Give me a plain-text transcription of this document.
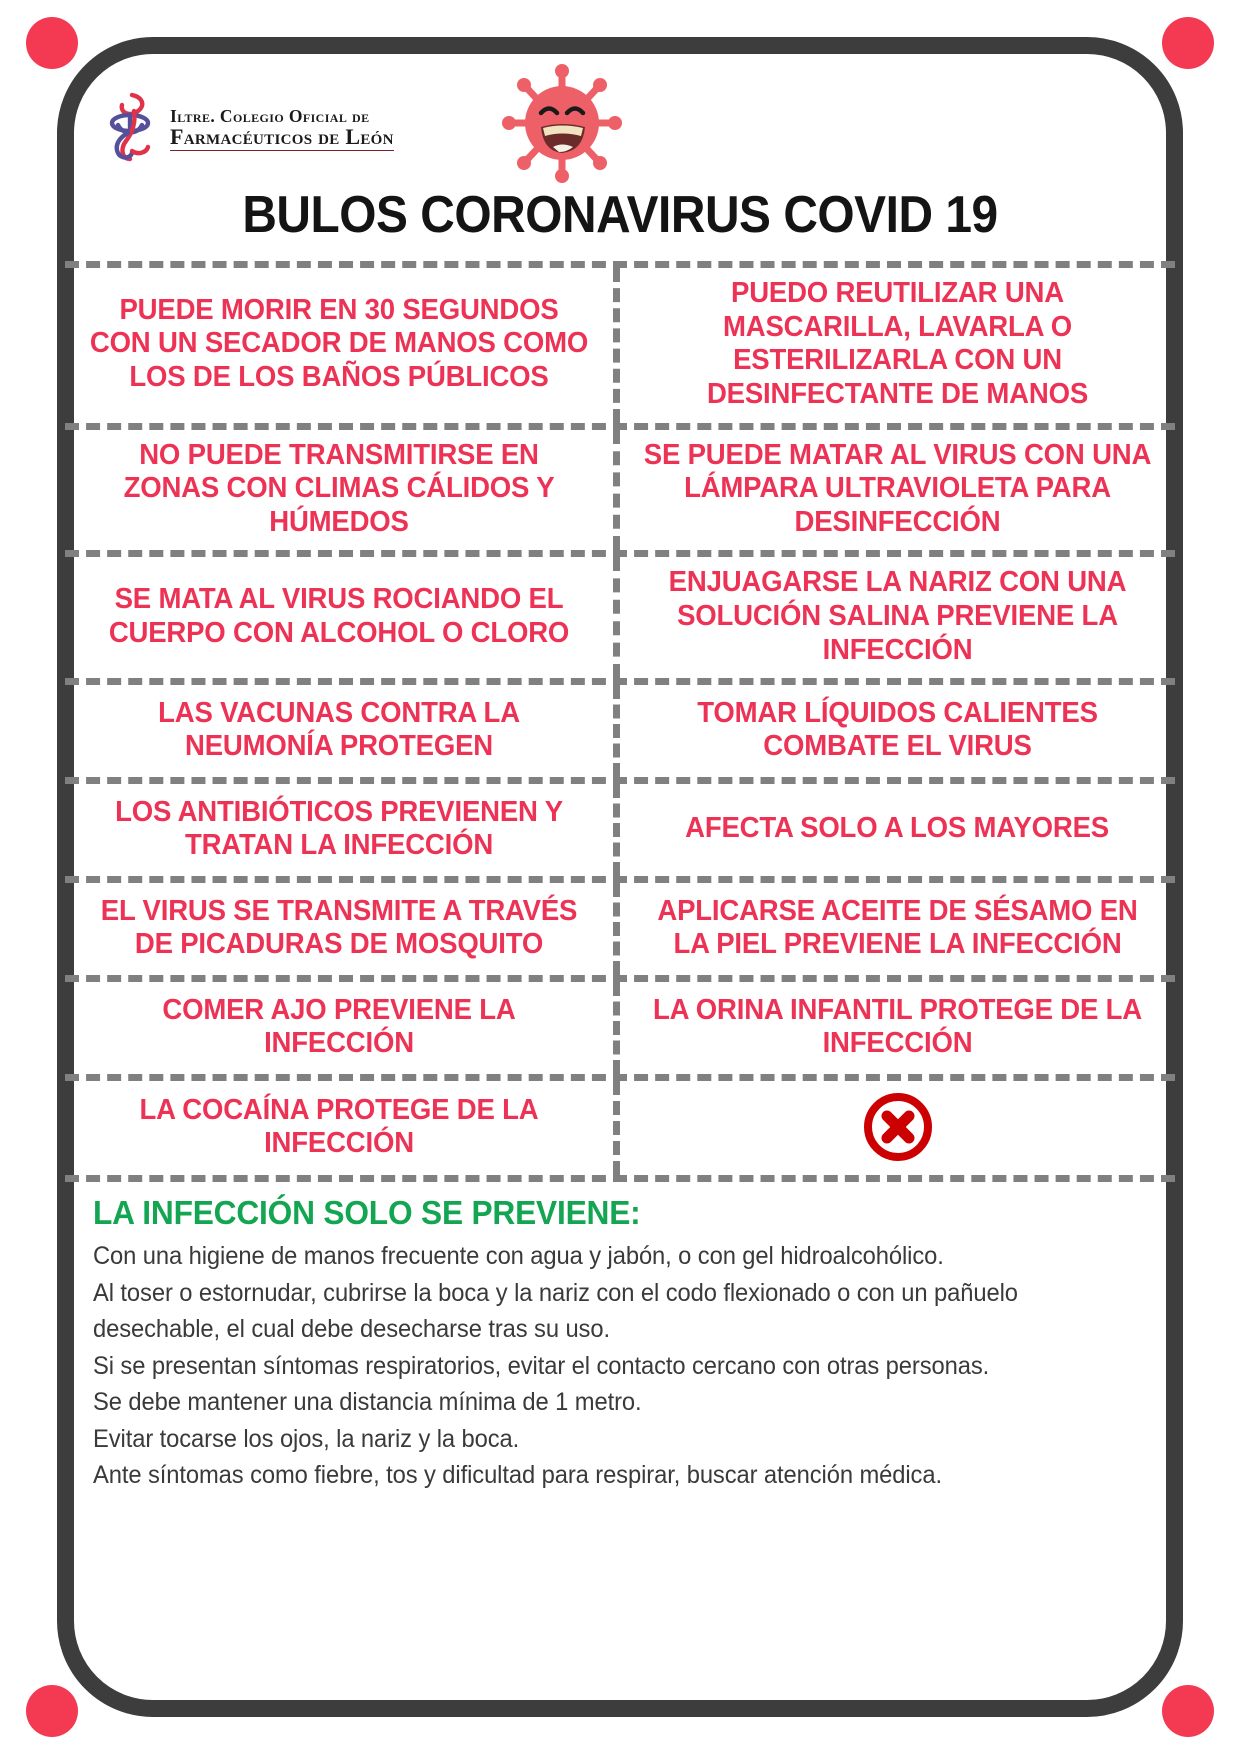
Iltre. Colegio Oficial de
Farmacéuticos de León
BULOS CORONAVIRUS COVID 19
PUEDE MORIR EN 30 SEGUNDOS CON UN SECADOR DE MANOS COMO LOS DE LOS BAÑOS PÚBLICOS
PUEDO REUTILIZAR UNA MASCARILLA, LAVARLA O ESTERILIZARLA CON UN DESINFECTANTE DE MANOS
NO PUEDE TRANSMITIRSE EN ZONAS CON CLIMAS CÁLIDOS Y HÚMEDOS
SE PUEDE MATAR AL VIRUS CON UNA LÁMPARA ULTRAVIOLETA PARA DESINFECCIÓN
SE MATA AL VIRUS ROCIANDO EL CUERPO CON ALCOHOL O CLORO
ENJUAGARSE LA NARIZ CON UNA SOLUCIÓN SALINA PREVIENE LA INFECCIÓN
LAS VACUNAS CONTRA LA NEUMONÍA PROTEGEN
TOMAR LÍQUIDOS CALIENTES COMBATE EL VIRUS
LOS ANTIBIÓTICOS PREVIENEN Y TRATAN LA INFECCIÓN
AFECTA SOLO A LOS MAYORES
EL VIRUS SE TRANSMITE A TRAVÉS DE PICADURAS DE MOSQUITO
APLICARSE ACEITE DE SÉSAMO EN LA PIEL PREVIENE LA INFECCIÓN
COMER AJO PREVIENE LA INFECCIÓN
LA ORINA INFANTIL PROTEGE DE LA INFECCIÓN
LA COCAÍNA PROTEGE DE LA INFECCIÓN
LA INFECCIÓN SOLO SE PREVIENE:
Con una higiene de manos frecuente con agua y jabón, o con gel hidroalcohólico.
Al toser o estornudar, cubrirse la boca y la nariz con el codo flexionado o con un pañuelo
desechable, el cual debe desecharse tras su uso.
Si se presentan síntomas respiratorios, evitar el contacto cercano con otras personas.
Se debe mantener una distancia mínima de 1 metro.
Evitar tocarse los ojos, la nariz y la boca.
Ante síntomas como fiebre, tos y dificultad para respirar, buscar atención médica.
